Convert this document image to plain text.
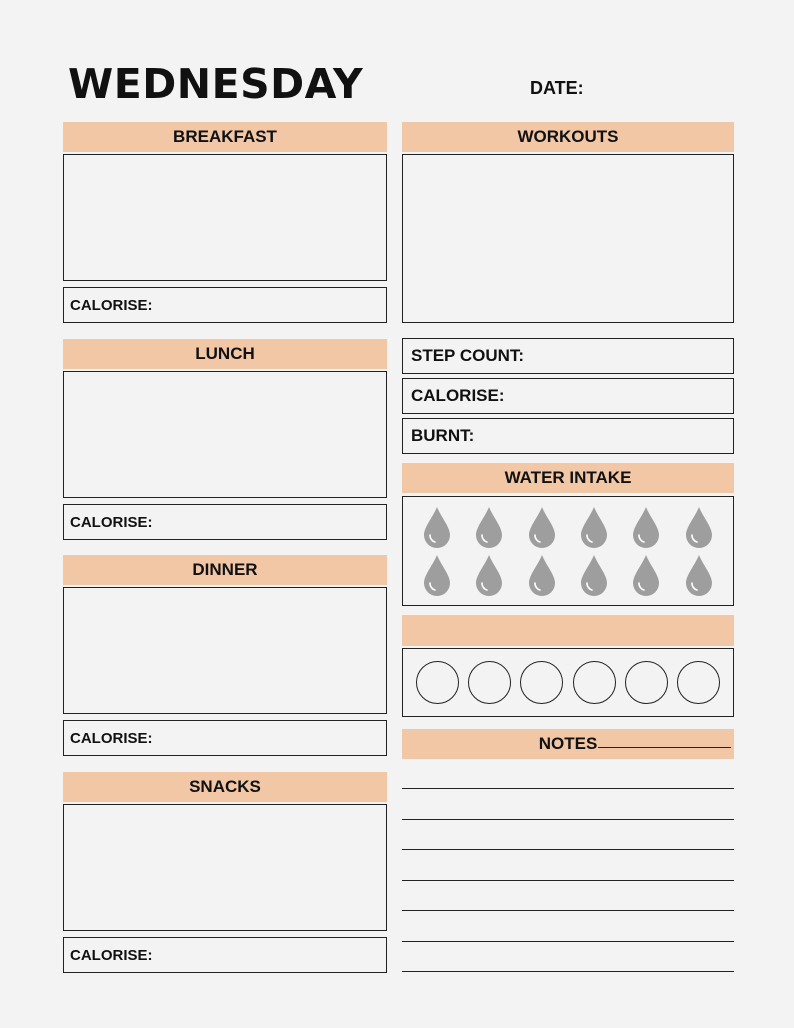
WEDNESDAY	DATE:
BREAKFAST
CALORISE:
LUNCH
CALORISE:
DINNER
CALORISE:
SNACKS
CALORISE:
WORKOUTS
STEP COUNT:
CALORISE:
BURNT:
WATER INTAKE
NOTES
